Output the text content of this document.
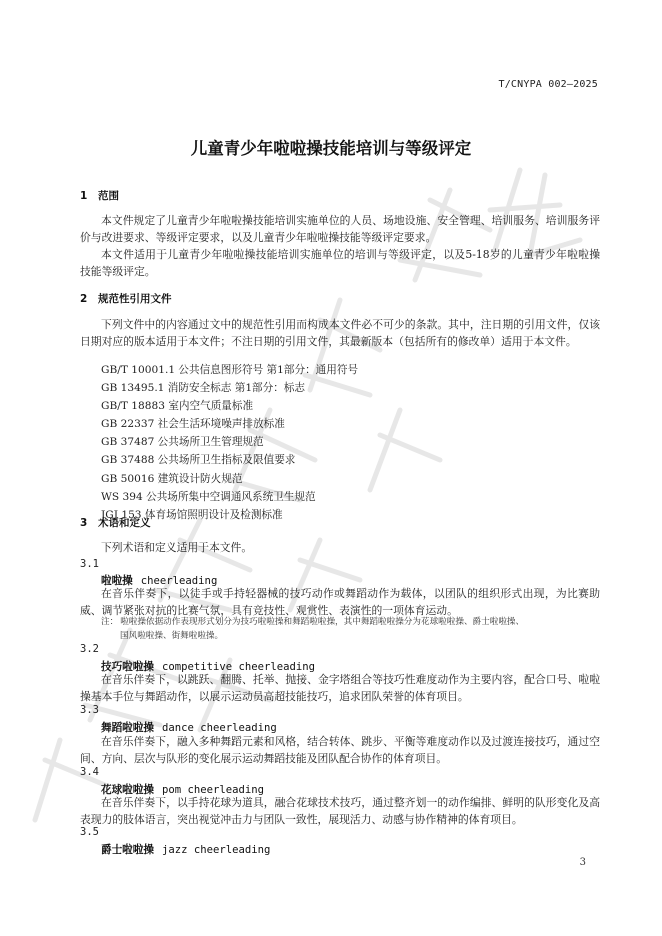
T/CNYPA 002—2025
儿童青少年啦啦操技能培训与等级评定
1 范围
本文件规定了儿童青少年啦啦操技能培训实施单位的人员、场地设施、安全管理、培训服务、培训服务评价与改进要求、等级评定要求，以及儿童青少年啦啦操技能等级评定要求。
本文件适用于儿童青少年啦啦操技能培训实施单位的培训与等级评定，以及5-18岁的儿童青少年啦啦操技能等级评定。
2 规范性引用文件
下列文件中的内容通过文中的规范性引用而构成本文件必不可少的条款。其中，注日期的引用文件，仅该日期对应的版本适用于本文件；不注日期的引用文件，其最新版本（包括所有的修改单）适用于本文件。
GB/T 10001.1 公共信息图形符号 第1部分：通用符号
GB 13495.1 消防安全标志 第1部分：标志
GB/T 18883 室内空气质量标准
GB 22337 社会生活环境噪声排放标准
GB 37487 公共场所卫生管理规范
GB 37488 公共场所卫生指标及限值要求
GB 50016 建筑设计防火规范
WS 394 公共场所集中空调通风系统卫生规范
JGJ 153 体育场馆照明设计及检测标准
3 术语和定义
下列术语和定义适用于本文件。
3.1
啦啦操 cheerleading
在音乐伴奏下，以徒手或手持轻器械的技巧动作或舞蹈动作为载体，以团队的组织形式出现，为比赛助威、调节紧张对抗的比赛气氛，具有竞技性、观赏性、表演性的一项体育运动。
注： 啦啦操依据动作表现形式划分为技巧啦啦操和舞蹈啦啦操，其中舞蹈啦啦操分为花球啦啦操、爵士啦啦操、
国风啦啦操、街舞啦啦操。
3.2
技巧啦啦操 competitive cheerleading
在音乐伴奏下，以跳跃、翻腾、托举、抛接、金字塔组合等技巧性难度动作为主要内容，配合口号、啦啦操基本手位与舞蹈动作，以展示运动员高超技能技巧，追求团队荣誉的体育项目。
3.3
舞蹈啦啦操 dance cheerleading
在音乐伴奏下，融入多种舞蹈元素和风格，结合转体、跳步、平衡等难度动作以及过渡连接技巧，通过空间、方向、层次与队形的变化展示运动舞蹈技能及团队配合协作的体育项目。
3.4
花球啦啦操 pom cheerleading
在音乐伴奏下，以手持花球为道具，融合花球技术技巧，通过整齐划一的动作编排、鲜明的队形变化及高表现力的肢体语言，突出视觉冲击力与团队一致性，展现活力、动感与协作精神的体育项目。
3.5
爵士啦啦操 jazz cheerleading
3
